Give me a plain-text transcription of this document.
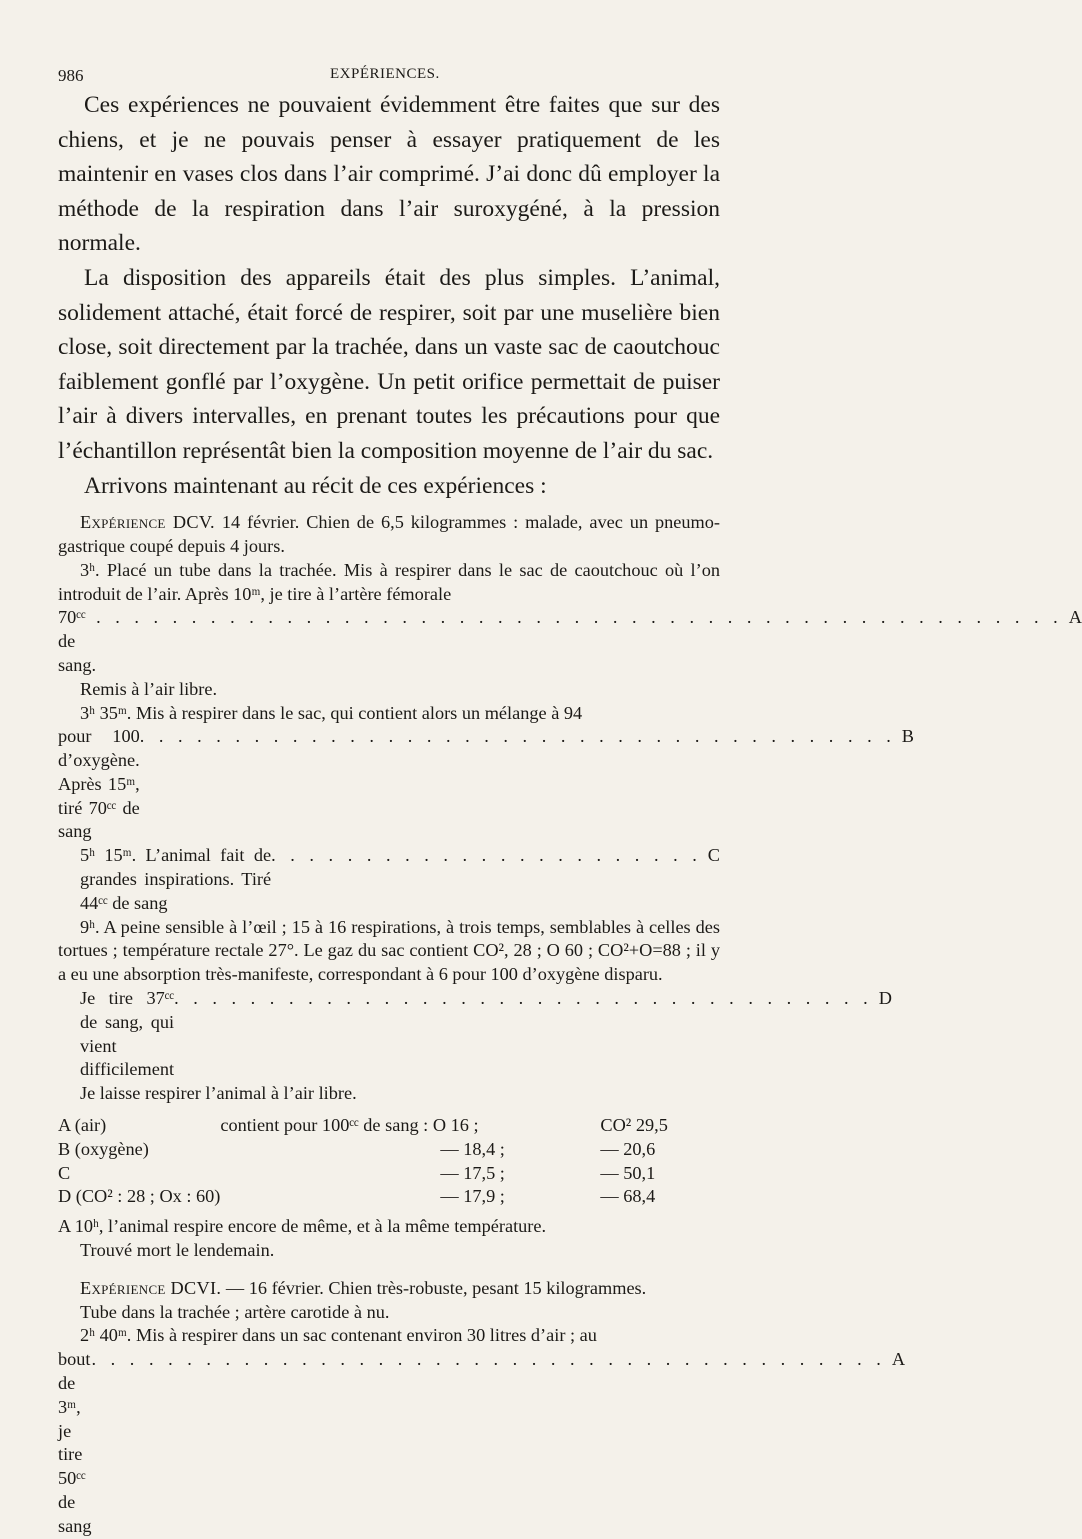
986	EXPÉRIENCES.

Ces expériences ne pouvaient évidemment être faites que sur des chiens, et je ne pouvais penser à essayer pratiquement de les maintenir en vases clos dans l’air comprimé. J’ai donc dû employer la méthode de la respiration dans l’air suroxygéné, à la pression normale.

La disposition des appareils était des plus simples. L’animal, solidement attaché, était forcé de respirer, soit par une muselière bien close, soit directement par la trachée, dans un vaste sac de caoutchouc faiblement gonflé par l’oxygène. Un petit orifice permettait de puiser l’air à divers intervalles, en prenant toutes les précautions pour que l’échantillon représentât bien la composition moyenne de l’air du sac.

Arrivons maintenant au récit de ces expériences :

Expérience DCV. 14 février. Chien de 6,5 kilogrammes : malade, avec un pneumo-gastrique coupé depuis 4 jours.

3ʰ. Placé un tube dans la trachée. Mis à respirer dans le sac de caoutchouc où l’on introduit de l’air. Après 10ᵐ, je tire à l’artère fémorale

70ᶜᶜ de sang.
. . . . . . . . . . . . . . . . . . . . . . . . . . . . . . . . . . . . . . . . . . . . . . . . . . . A

Remis à l’air libre.

3ʰ 35ᵐ. Mis à respirer dans le sac, qui contient alors un mélange à 94

pour 100 d’oxygène. Après 15ᵐ, tiré 70ᶜᶜ de sang
. . . . . . . . . . . . . . . . . . . . . . . . . . . . . . . . . . . . . . . . B
5ʰ 15ᵐ. L’animal fait de grandes inspirations. Tiré 44ᶜᶜ de sang
. . . . . . . . . . . . . . . . . . . . . . . C

9ʰ. A peine sensible à l’œil ; 15 à 16 respirations, à trois temps, semblables à celles des tortues ; température rectale 27°. Le gaz du sac contient CO², 28 ; O 60 ; CO²+O=88 ; il y a eu une absorption très-manifeste, correspondant à 6 pour 100 d’oxygène disparu.

Je tire 37ᶜᶜ de sang, qui vient difficilement
. . . . . . . . . . . . . . . . . . . . . . . . . . . . . . . . . . . . . D

Je laisse respirer l’animal à l’air libre.

A (air)	contient pour 100ᶜᶜ de sang : O 16 ;	CO² 29,5
B (oxygène)	— 18,4 ;	— 20,6
C	— 17,5 ;	— 50,1
D (CO² : 28 ; Ox : 60)	— 17,9 ;	— 68,4

A 10ʰ, l’animal respire encore de même, et à la même température.

Trouvé mort le lendemain.

Expérience DCVI. — 16 février. Chien très-robuste, pesant 15 kilogrammes.

Tube dans la trachée ; artère carotide à nu.

2ʰ 40ᵐ. Mis à respirer dans un sac contenant environ 30 litres d’air ; au

bout de 3ᵐ, je tire 50ᶜᶜ de sang
. . . . . . . . . . . . . . . . . . . . . . . . . . . . . . . . . . . . . . . . . . A
